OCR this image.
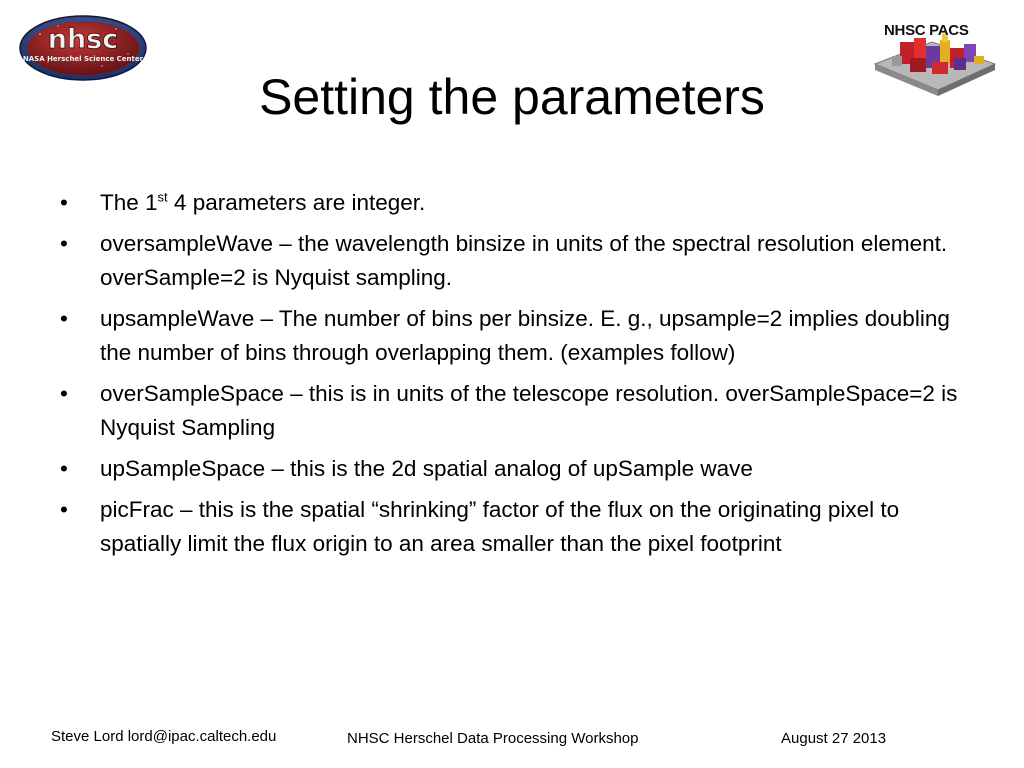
nhsc
NASA Herschel Science Center
NHSC PACS
Setting the parameters
•	The 1st 4 parameters are integer.
•	oversampleWave – the wavelength binsize in units of the spectral resolution element. overSample=2 is Nyquist sampling.
•	upsampleWave – The number of bins per binsize. E. g., upsample=2 implies doubling the number of bins through overlapping them. (examples follow)
•	overSampleSpace – this is in units of the telescope resolution. overSampleSpace=2 is Nyquist Sampling
•	upSampleSpace – this is the 2d spatial analog of upSample wave
•	picFrac – this is the spatial “shrinking” factor of the flux on the originating pixel to spatially limit the flux origin to an area smaller than the pixel footprint
Steve Lord lord@ipac.caltech.edu	NHSC Herschel Data Processing Workshop	August 27 2013
